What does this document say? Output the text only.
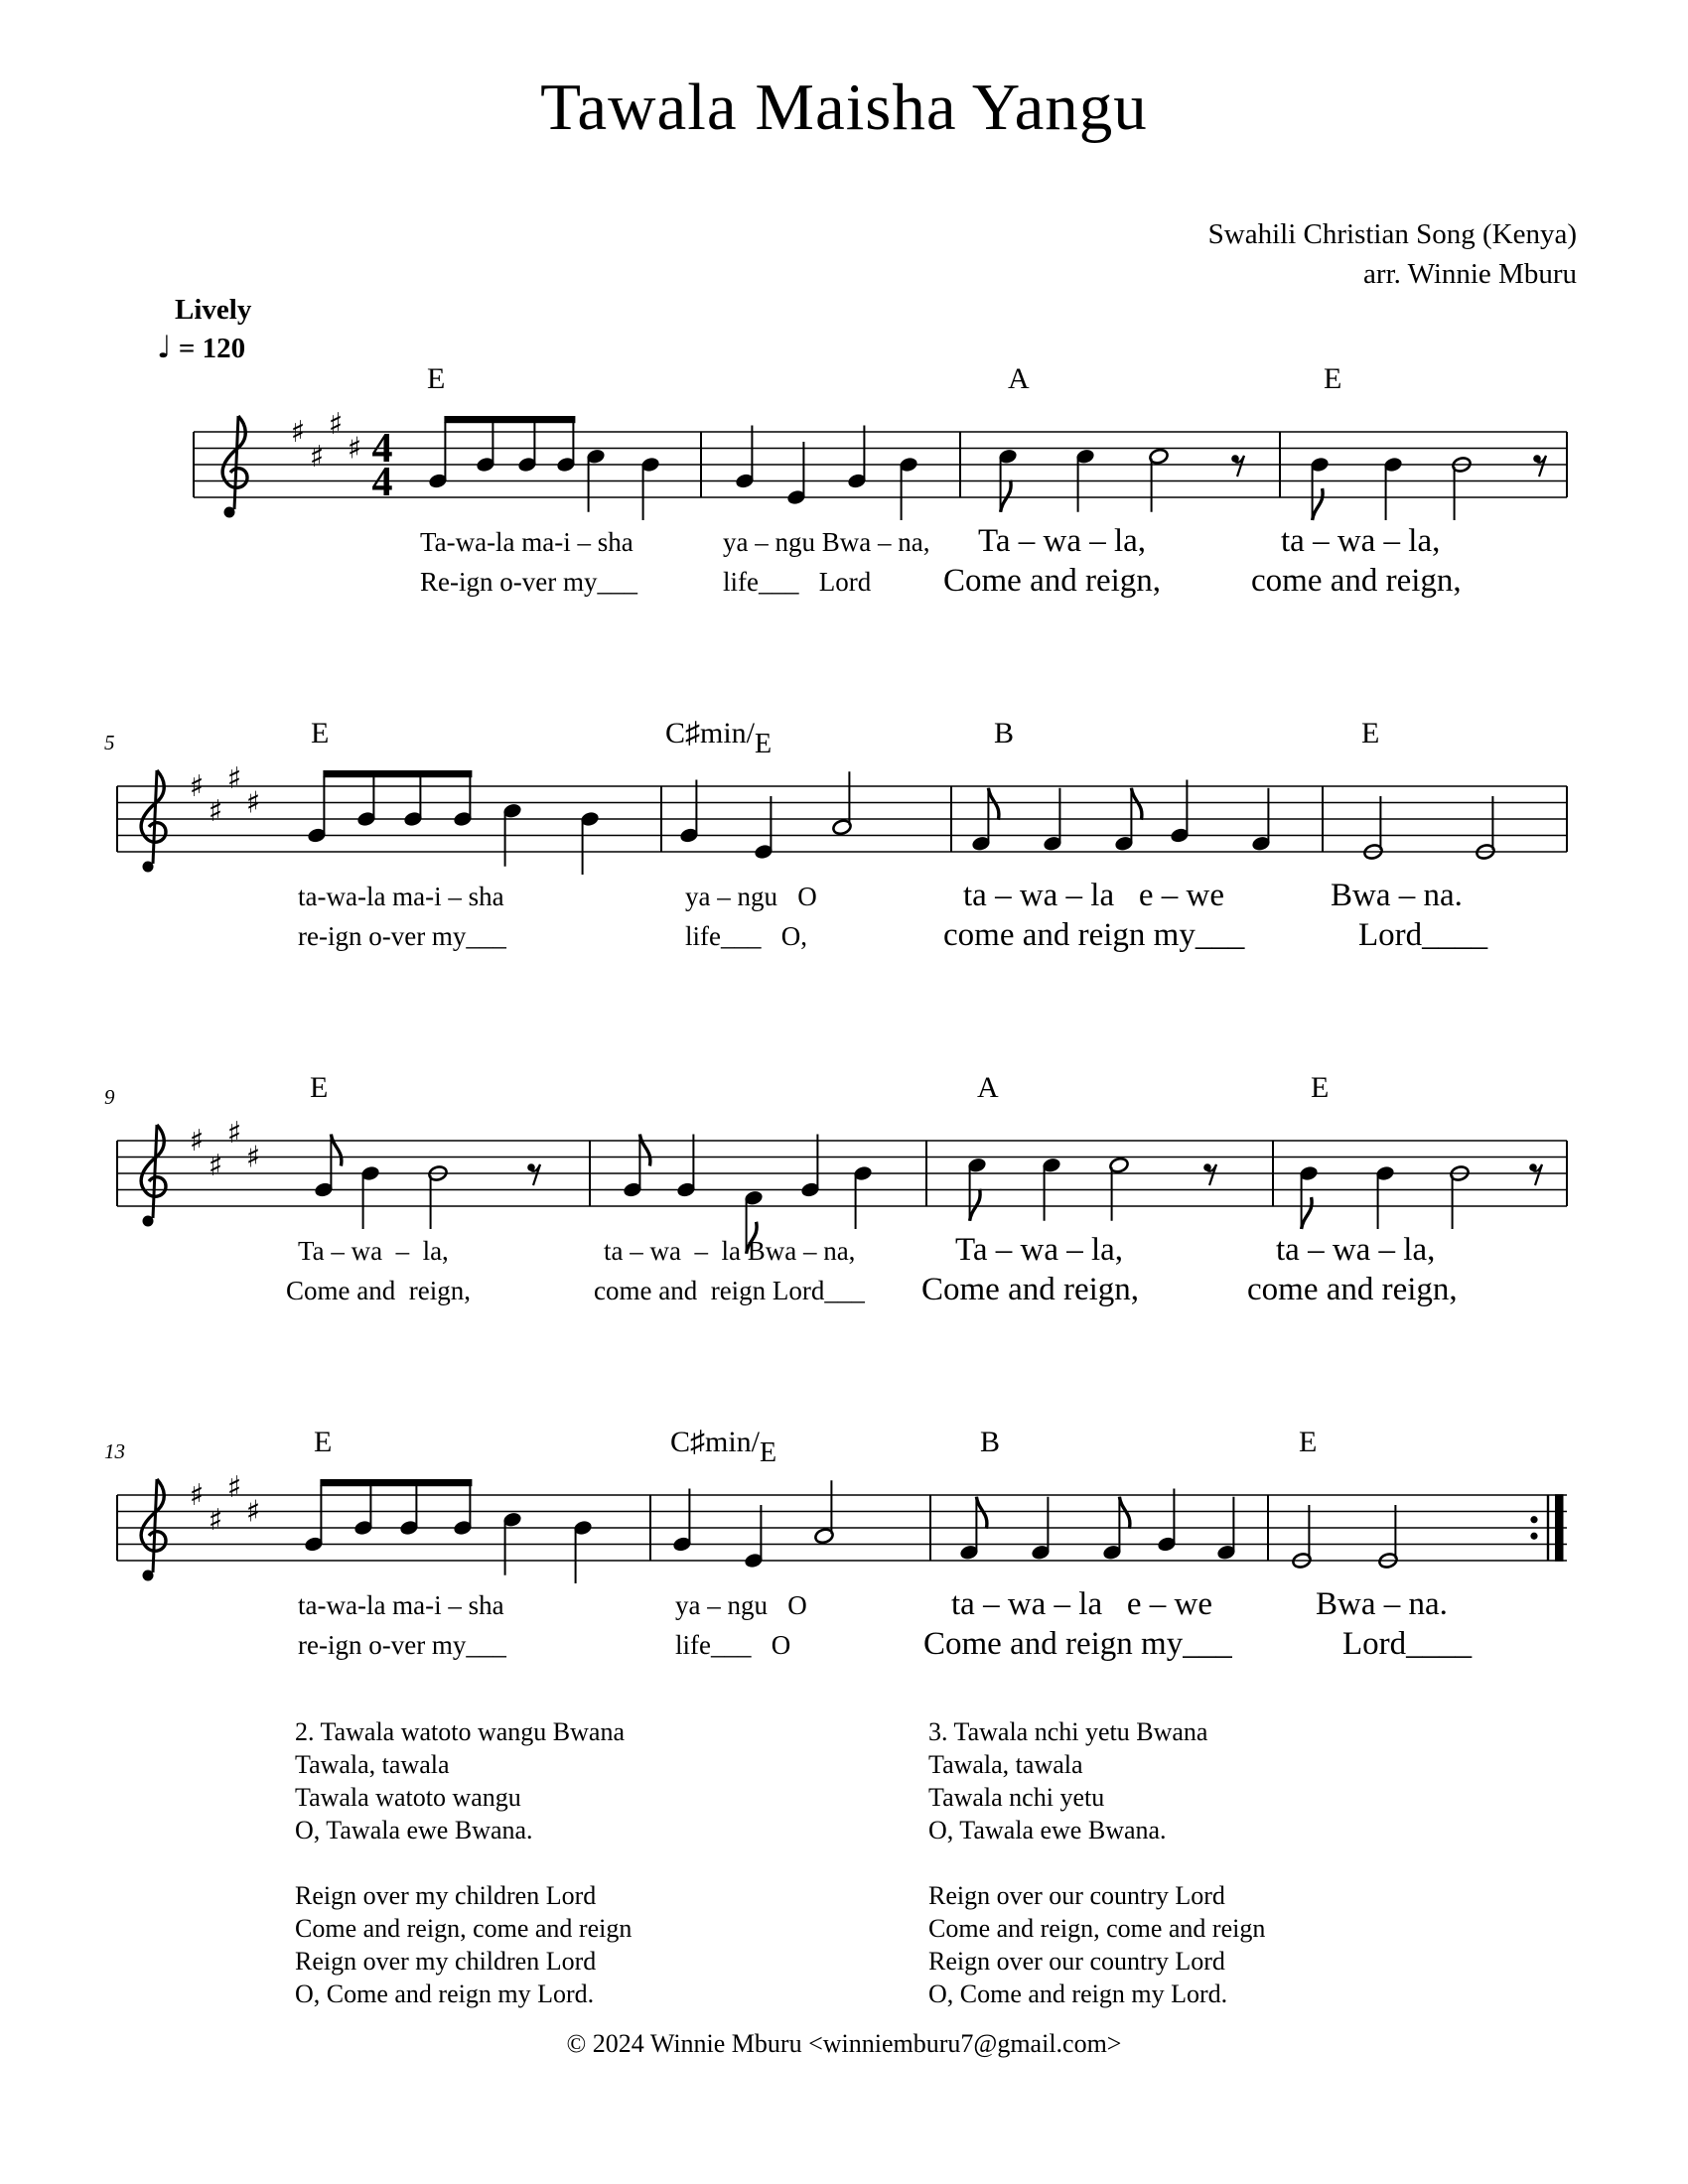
Tawala Maisha Yangu
Swahili Christian Song (Kenya)
arr. Winnie Mburu
Lively
♩ = 120
♯
♯
♯
♯ 4
4
♯
♯
♯
♯
♯
♯
♯
♯
♯
♯
♯
♯
E	A	E
Ta-wa-la ma-i – sha	ya – ngu Bwa – na, Ta – wa – la,	ta – wa – la,
Re-ign o-ver my___	life___   Lord Come and reign,	come and reign,
5	E	C♯min/E	B	E
ta-wa-la ma-i – sha	ya – ngu   O	ta – wa – la   e – we	Bwa – na.
re-ign o-ver my___	life___   O,	come and reign my___	Lord____
9	E	A	E
Ta – wa  –  la,	ta – wa  –  la Bwa – na,	Ta – wa – la,	ta – wa – la,
Come and  reign,	come and  reign Lord___ Come and reign,	come and reign,
13	E	C♯min/E	B	E
ta-wa-la ma-i – sha	ya – ngu   O	ta – wa – la   e – we	Bwa – na.
re-ign o-ver my___	life___   O	Come and reign my___	Lord____
2. Tawala watoto wangu Bwana
Tawala, tawala
Tawala watoto wangu
O, Tawala ewe Bwana.

Reign over my children Lord
Come and reign, come and reign
Reign over my children Lord
O, Come and reign my Lord.
3. Tawala nchi yetu Bwana
Tawala, tawala
Tawala nchi yetu
O, Tawala ewe Bwana.

Reign over our country Lord
Come and reign, come and reign
Reign over our country Lord
O, Come and reign my Lord.
© 2024 Winnie Mburu <winniemburu7@gmail.com>
